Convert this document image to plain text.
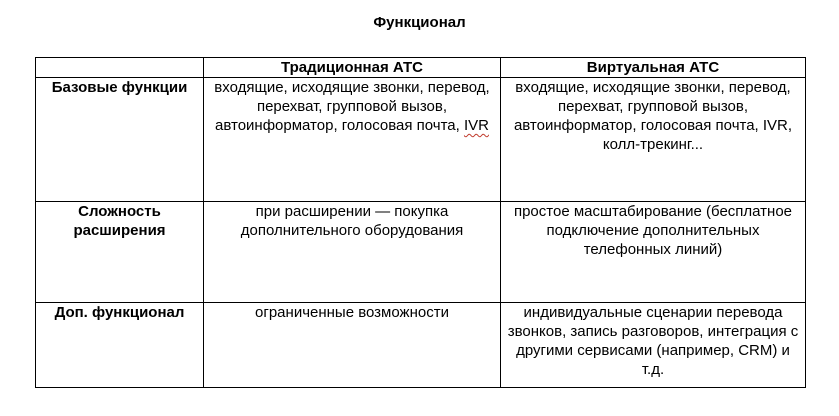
Функционал
	Традиционная АТС	Виртуальная АТС
Базовые функции	входящие, исходящие звонки, перевод, перехват, групповой вызов, автоинформатор, голосовая почта, IVR	входящие, исходящие звонки, перевод, перехват, групповой вызов, автоинформатор, голосовая почта, IVR, колл-трекинг...
Сложность расширения	при расширении — покупка дополнительного оборудования	простое масштабирование (бесплатное подключение дополнительных телефонных линий)
Доп. функционал	ограниченные возможности	индивидуальные сценарии перевода звонков, запись разговоров, интеграция с другими сервисами (например, CRM) и т.д.
